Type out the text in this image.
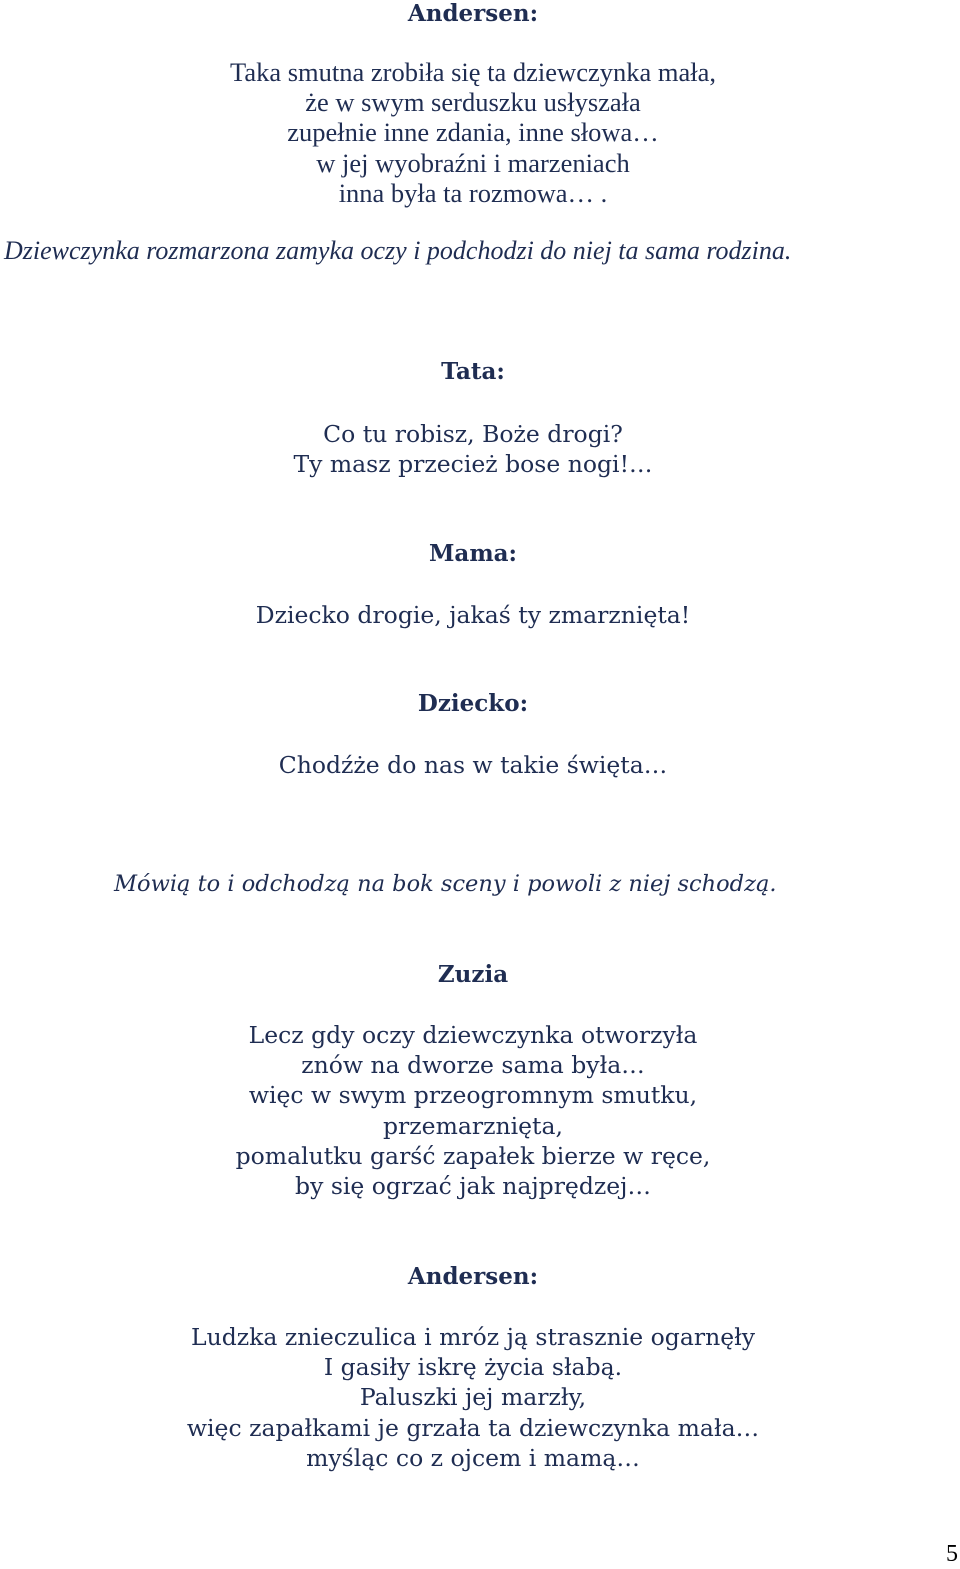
Andersen:
Taka smutna zrobiła się ta dziewczynka mała,
że w swym serduszku usłyszała
zupełnie inne zdania, inne słowa…
w jej wyobraźni i marzeniach
inna była ta rozmowa… .
Dziewczynka rozmarzona zamyka oczy i podchodzi do niej ta sama rodzina.
Tata:
Co tu robisz, Boże drogi?
Ty masz przecież bose nogi!…
Mama:
Dziecko drogie, jakaś ty zmarznięta!
Dziecko:
Chodźże do nas w takie święta…
Mówią to i odchodzą na bok sceny i powoli z niej schodzą.
Zuzia
Lecz gdy oczy dziewczynka otworzyła
znów na dworze sama była…
więc w swym przeogromnym smutku,
przemarznięta,
pomalutku garść zapałek bierze w ręce,
by się ogrzać jak najprędzej…
Andersen:
Ludzka znieczulica i mróz ją strasznie ogarnęły
I gasiły iskrę życia słabą.
Paluszki jej marzły,
więc zapałkami je grzała ta dziewczynka mała…
myśląc co z ojcem i mamą…
5
